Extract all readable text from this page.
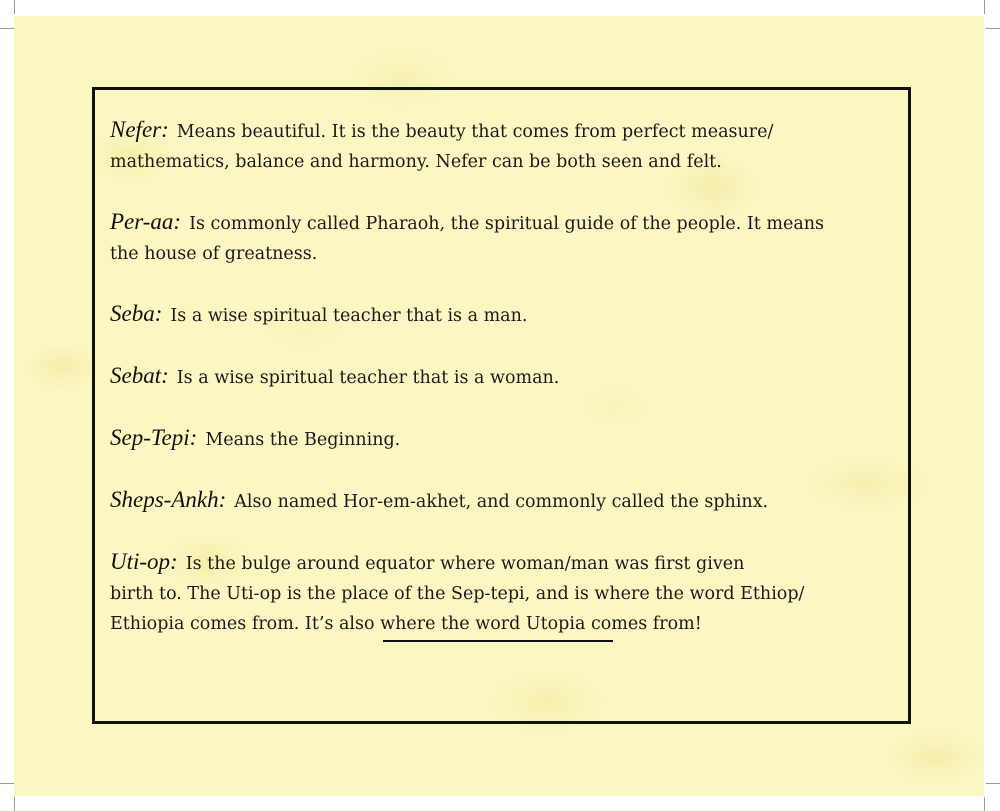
Nefer: Means beautiful. It is the beauty that comes from perfect measure/
mathematics, balance and harmony. Nefer can be both seen and felt.
Per-aa: Is commonly called Pharaoh, the spiritual guide of the people. It means
the house of greatness.
Seba: Is a wise spiritual teacher that is a man.
Sebat: Is a wise spiritual teacher that is a woman.
Sep-Tepi: Means the Beginning.
Sheps-Ankh: Also named Hor-em-akhet, and commonly called the sphinx.
Uti-op: Is the bulge around equator where woman/man was first given
birth to. The Uti-op is the place of the Sep-tepi, and is where the word Ethiop/
Ethiopia comes from. It’s also where the word Utopia comes from!
